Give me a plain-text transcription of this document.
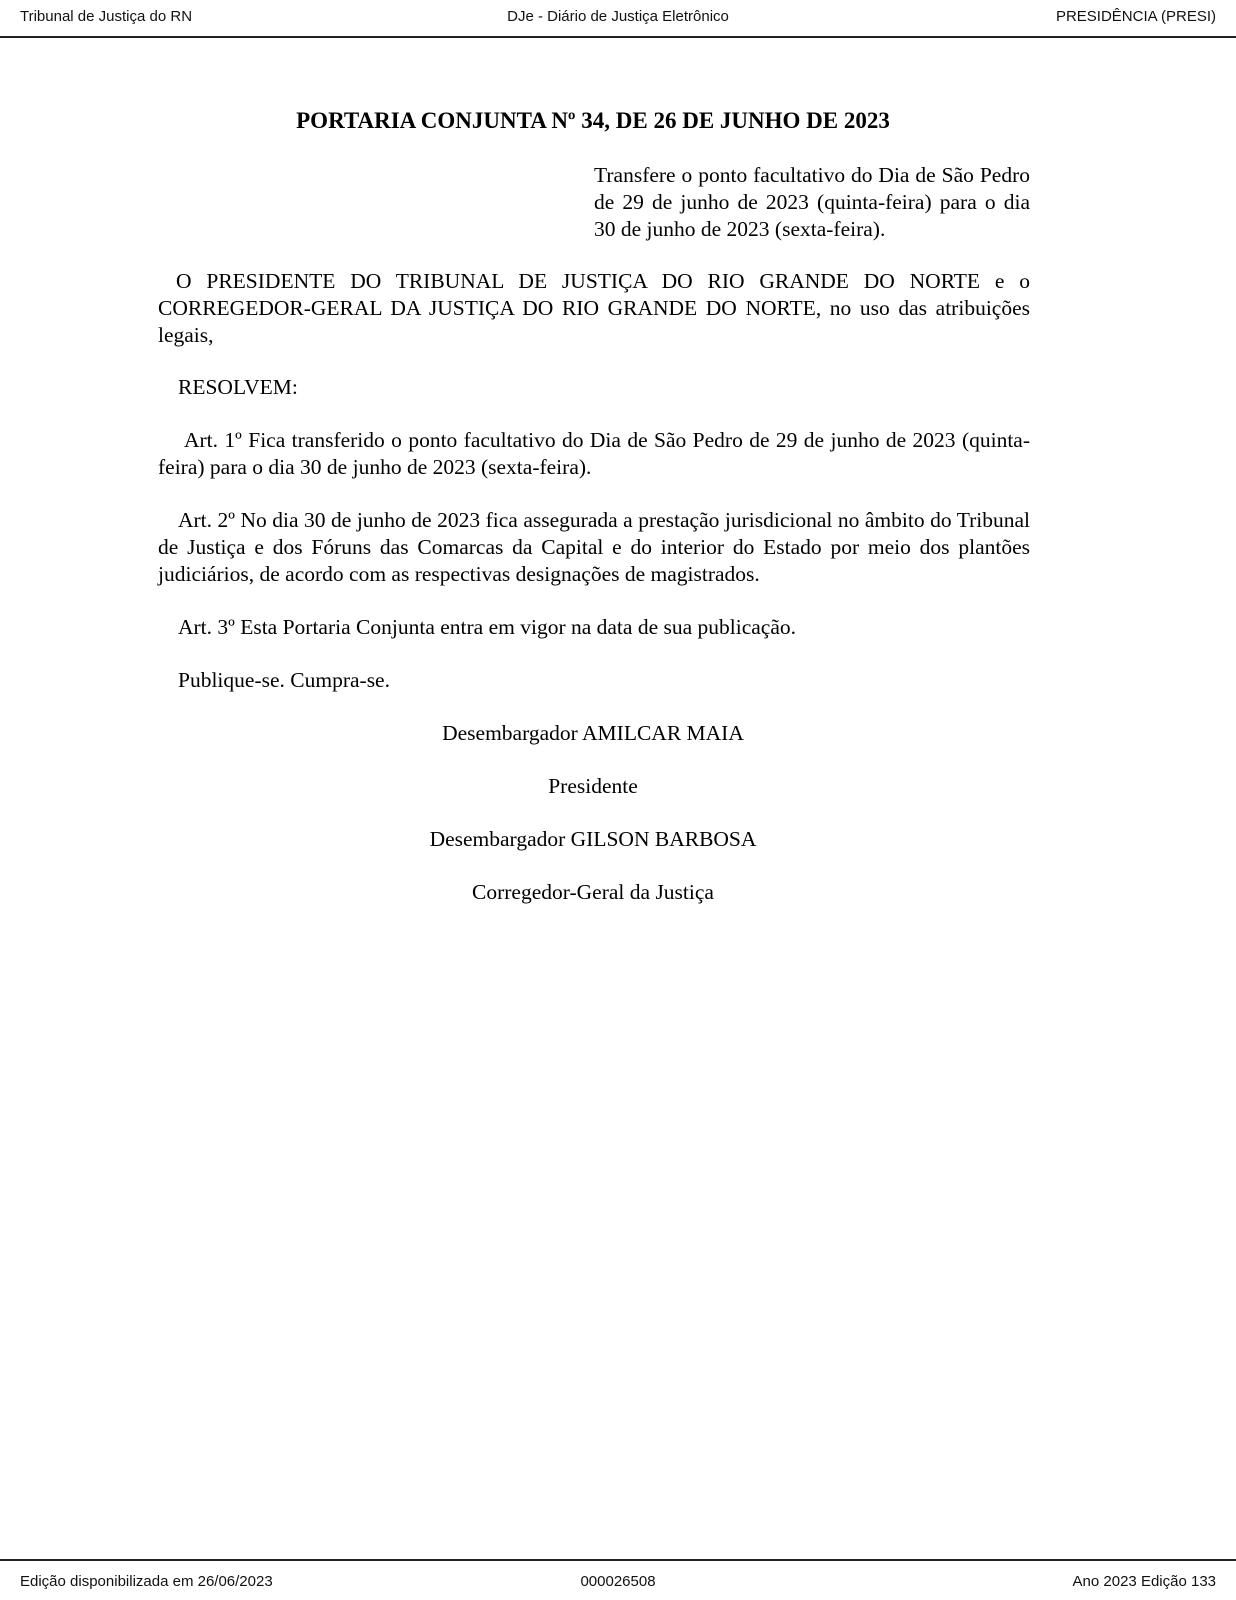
Tribunal de Justiça do RN	DJe - Diário de Justiça Eletrônico	PRESIDÊNCIA (PRESI)
PORTARIA CONJUNTA Nº 34, DE 26 DE JUNHO DE 2023
Transfere o ponto facultativo do Dia de São Pedro de 29 de junho de 2023 (quinta-feira) para o dia 30 de junho de 2023 (sexta-feira).
O PRESIDENTE DO TRIBUNAL DE JUSTIÇA DO RIO GRANDE DO NORTE e o CORREGEDOR-GERAL DA JUSTIÇA DO RIO GRANDE DO NORTE, no uso das atribuições legais,
RESOLVEM:
Art. 1º Fica transferido o ponto facultativo do Dia de São Pedro de 29 de junho de 2023 (quinta-feira) para o dia 30 de junho de 2023 (sexta-feira).
Art. 2º No dia 30 de junho de 2023 fica assegurada a prestação jurisdicional no âmbito do Tribunal de Justiça e dos Fóruns das Comarcas da Capital e do interior do Estado por meio dos plantões judiciários, de acordo com as respectivas designações de magistrados.
Art. 3º Esta Portaria Conjunta entra em vigor na data de sua publicação.
Publique-se. Cumpra-se.
Desembargador AMILCAR MAIA
Presidente
Desembargador GILSON BARBOSA
Corregedor-Geral da Justiça
Edição disponibilizada em 26/06/2023	000026508	Ano 2023 Edição 133
